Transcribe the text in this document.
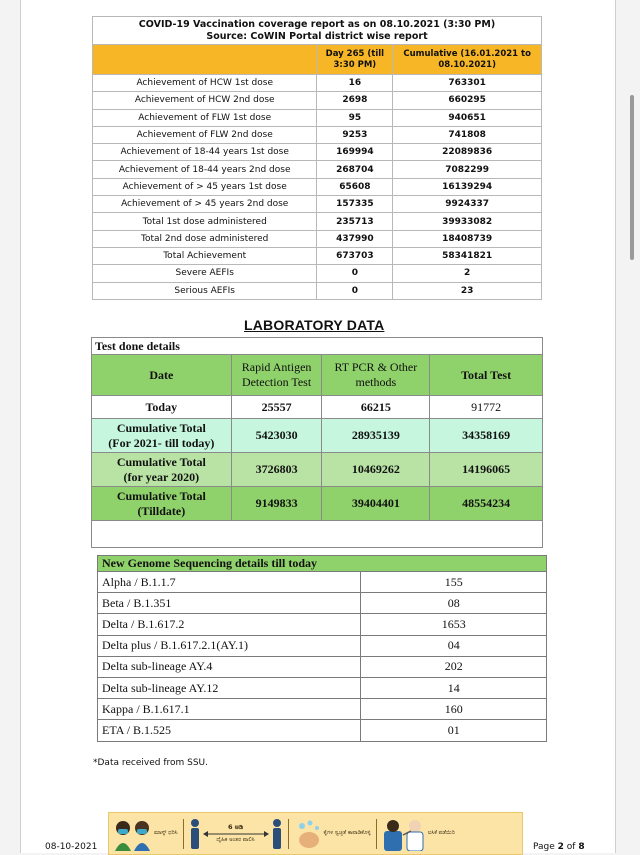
COVID-19 Vaccination coverage report as on 08.10.2021 (3:30 PM)
Source: CoWIN Portal district wise report		

	Day 265 (till 3:30 PM)	Cumulative (16.01.2021 to 08.10.2021)
Achievement of HCW 1st dose	16	763301
Achievement of HCW 2nd dose	2698	660295
Achievement of FLW 1st dose	95	940651
Achievement of FLW 2nd dose	9253	741808
Achievement of 18-44 years 1st dose	169994	22089836
Achievement of 18-44 years 2nd dose	268704	7082299
Achievement of > 45 years 1st dose	65608	16139294
Achievement of > 45 years 2nd dose	157335	9924337
Total 1st dose administered	235713	39933082
Total 2nd dose administered	437990	18408739
Total Achievement	673703	58341821
Severe AEFIs	0	2
Serious AEFIs	0	23
LABORATORY DATA
Test done details			
Date	Rapid Antigen Detection Test	RT PCR & Other methods	Total Test
Today	25557	66215	91772

Cumulative Total
(For 2021- till today)	5423030	28935139	34358169

Cumulative Total
(for year 2020)	3726803	10469262	14196065

Cumulative Total
(Tilldate)	9149833	39404401	48554234

New Genome Sequencing details till today	
Alpha / B.1.1.7	155
Beta / B.1.351	08
Delta / B.1.617.2	1653
Delta plus / B.1.617.2.1(AY.1)	04
Delta sub-lineage AY.4	202
Delta sub-lineage AY.12	14
Kappa / B.1.617.1	160
ETA / B.1.525	01
*Data received from SSU.
08-10-2021
ಮಾಸ್ಕ್ ಧರಿಸಿ
6 ಅಡಿ
ದೈಹಿಕ ಅಂತರ ಪಾಲಿಸಿ
ಕೈಗಳ ಸ್ವಚ್ಛತೆ ಕಾಪಾಡಿಕೊಳ್ಳಿ	ಲಸಿಕೆ ಪಡೆಯಿರಿ
Page 2 of 8
